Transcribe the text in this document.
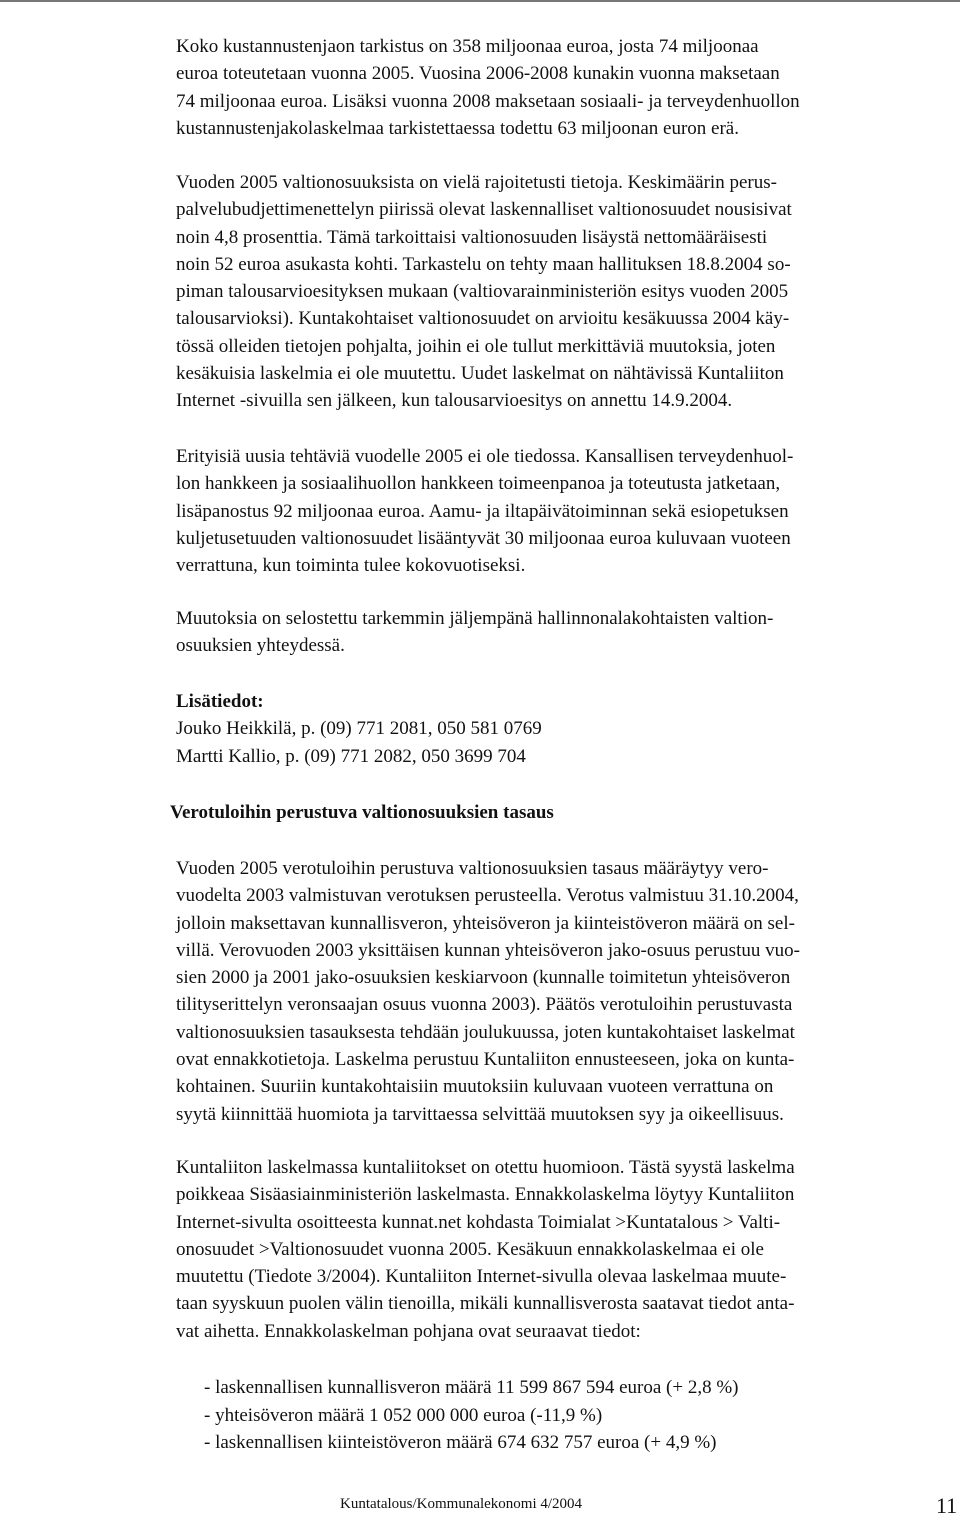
Koko kustannustenjaon tarkistus on 358 miljoonaa euroa, josta 74 miljoonaa
euroa toteutetaan vuonna 2005. Vuosina 2006-2008 kunakin vuonna maksetaan
74 miljoonaa euroa. Lisäksi vuonna 2008 maksetaan sosiaali- ja terveydenhuollon
kustannustenjakolaskelmaa tarkistettaessa todettu 63 miljoonan euron erä.
Vuoden 2005 valtionosuuksista on vielä rajoitetusti tietoja. Keskimäärin perus-
palvelubudjettimenettelyn piirissä olevat laskennalliset valtionosuudet nousisivat
noin 4,8 prosenttia. Tämä tarkoittaisi valtionosuuden lisäystä nettomääräisesti
noin 52 euroa asukasta kohti. Tarkastelu on tehty maan hallituksen 18.8.2004 so-
piman talousarvioesityksen mukaan (valtiovarainministeriön esitys vuoden 2005
talousarvioksi). Kuntakohtaiset valtionosuudet on arvioitu kesäkuussa 2004 käy-
tössä olleiden tietojen pohjalta, joihin ei ole tullut merkittäviä muutoksia, joten
kesäkuisia laskelmia ei ole muutettu. Uudet laskelmat on nähtävissä Kuntaliiton
Internet -sivuilla sen jälkeen, kun talousarvioesitys on annettu 14.9.2004.
Erityisiä uusia tehtäviä vuodelle 2005 ei ole tiedossa. Kansallisen terveydenhuol-
lon hankkeen ja sosiaalihuollon hankkeen toimeenpanoa ja toteutusta jatketaan,
lisäpanostus 92 miljoonaa euroa. Aamu- ja iltapäivätoiminnan sekä esiopetuksen
kuljetusetuuden valtionosuudet lisääntyvät 30 miljoonaa euroa kuluvaan vuoteen
verrattuna, kun toiminta tulee kokovuotiseksi.
Muutoksia on selostettu tarkemmin jäljempänä hallinnonalakohtaisten valtion-
osuuksien yhteydessä.
Lisätiedot:
Jouko Heikkilä, p. (09) 771 2081, 050 581 0769
Martti Kallio, p. (09) 771 2082, 050 3699 704
Verotuloihin perustuva valtionosuuksien tasaus
Vuoden 2005 verotuloihin perustuva valtionosuuksien tasaus määräytyy vero-
vuodelta 2003 valmistuvan verotuksen perusteella. Verotus valmistuu 31.10.2004,
jolloin maksettavan kunnallisveron, yhteisöveron ja kiinteistöveron määrä on sel-
villä. Verovuoden 2003 yksittäisen kunnan yhteisöveron jako-osuus perustuu vuo-
sien 2000 ja 2001 jako-osuuksien keskiarvoon (kunnalle toimitetun yhteisöveron
tilityserittelyn veronsaajan osuus vuonna 2003). Päätös verotuloihin perustuvasta
valtionosuuksien tasauksesta tehdään joulukuussa, joten kuntakohtaiset laskelmat
ovat ennakkotietoja. Laskelma perustuu Kuntaliiton ennusteeseen, joka on kunta-
kohtainen. Suuriin kuntakohtaisiin muutoksiin kuluvaan vuoteen verrattuna on
syytä kiinnittää huomiota ja tarvittaessa selvittää muutoksen syy ja oikeellisuus.
Kuntaliiton laskelmassa kuntaliitokset on otettu huomioon. Tästä syystä laskelma
poikkeaa Sisäasiainministeriön laskelmasta. Ennakkolaskelma löytyy Kuntaliiton
Internet-sivulta osoitteesta kunnat.net kohdasta Toimialat >Kuntatalous > Valti-
onosuudet >Valtionosuudet vuonna 2005. Kesäkuun ennakkolaskelmaa ei ole
muutettu (Tiedote 3/2004). Kuntaliiton Internet-sivulla olevaa laskelmaa muute-
taan syyskuun puolen välin tienoilla, mikäli kunnallisverosta saatavat tiedot anta-
vat aihetta. Ennakkolaskelman pohjana ovat seuraavat tiedot:
- laskennallisen kunnallisveron määrä 11 599 867 594 euroa (+ 2,8 %)
- yhteisöveron määrä 1 052 000 000 euroa (-11,9 %)
- laskennallisen kiinteistöveron määrä 674 632 757 euroa (+ 4,9 %)
Kuntatalous/Kommunalekonomi 4/2004	11
